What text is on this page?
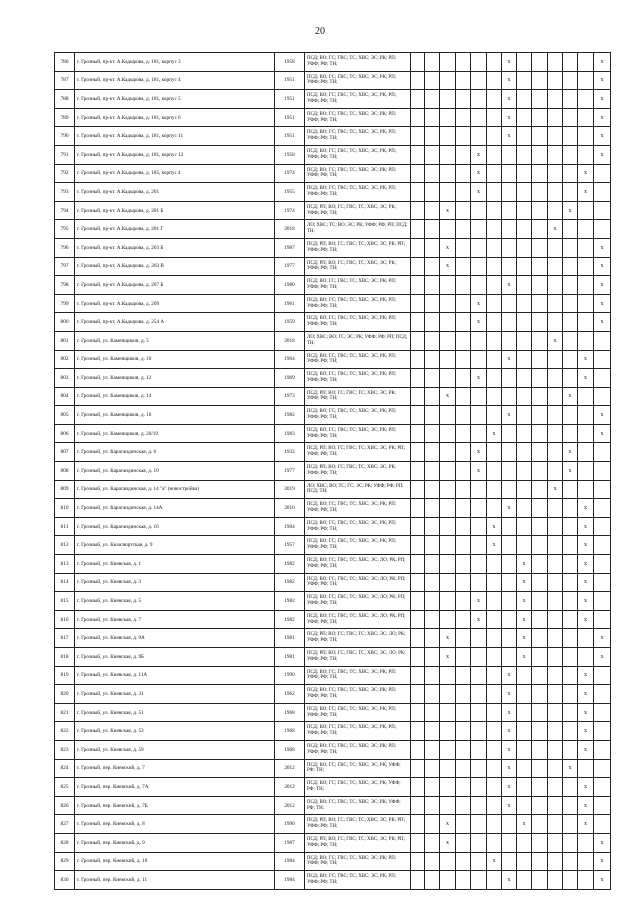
20
786	г. Грозный, пр-кт. А.Кадырова, д. 181, корпус 3	1958	ПСД; ВО; ГС; ГВС; ТС; ХВС; ЭС; РК; РП; УФФ; РФ; ТН;							x						x
787	г. Грозный, пр-кт. А.Кадырова, д. 181, корпус 4	1951	ПСД; ВО; ГС; ГВС; ТС; ХВС; ЭС; РК; РП; УФФ; РФ; ТН;							x						x
788	г. Грозный, пр-кт. А.Кадырова, д. 181, корпус 5	1951	ПСД; ВО; ГС; ГВС; ТС; ХВС; ЭС; РК; РП; УФФ; РФ; ТН;							x						x
789	г. Грозный, пр-кт. А.Кадырова, д. 181, корпус 6	1951	ПСД; ВО; ГС; ГВС; ТС; ХВС; ЭС; РК; РП; УФФ; РФ; ТН;							x						x
790	г. Грозный, пр-кт. А.Кадырова, д. 181, корпус 11	1951	ПСД; ВО; ГС; ГВС; ТС; ХВС; ЭС; РК; РП; УФФ; РФ; ТН;							x						x
791	г. Грозный, пр-кт. А.Кадырова, д. 181, корпус 12	1958	ПСД; ВО; ГС; ГВС; ТС; ХВС; ЭС; РК; РП; УФФ; РФ; ТН;					x								x
792	г. Грозный, пр-кт. А.Кадырова, д. 185, корпус 4	1974	ПСД; ВО; ГС; ГВС; ТС; ХВС; ЭС; РК; РП; УФФ; РФ; ТН;					x							x	
793	г. Грозный, пр-кт. А.Кадырова, д. 201	1955	ПСД; ВО; ГС; ГВС; ТС; ХВС; ЭС; РК; РП; УФФ; РФ; ТН;					x							x	
794	г. Грозный, пр-кт. А.Кадырова, д. 201 Б	1974	ПСД; РП; ВО; ГС; ГВС; ТС; ХВС; ЭС; РК; УФФ; РФ; ТН;			x								x		
795	г. Грозный, пр-кт. А.Кадырова, д. 201 Г	2018	ЛО; ХВС; ТС; ВО; ЭС; РК; УФФ; РФ; РП; ПСД; ТН;										x			
796	г. Грозный, пр-кт. А.Кадырова, д. 203 Б	1987	ПСД; РП; ВО; ГС; ГВС; ТС; ХВС; ЭС; РК; РП; УФФ; РФ; ТН;			x										x
797	г. Грозный, пр-кт. А.Кадырова, д. 203 В	1977	ПСД; РП; ВО; ГС; ГВС; ТС; ХВС; ЭС; РК; УФФ; РФ; ТН;			x										x
798	г. Грозный, пр-кт. А.Кадырова, д. 207 Б	1980	ПСД; ВО; ГС; ГВС; ТС; ХВС; ЭС; РК; РП; УФФ; РФ; ТН;							x						x
799	г. Грозный, пр-кт. А.Кадырова, д. 209	1961	ПСД; ВО; ГС; ГВС; ТС; ХВС; ЭС; РК; РП; УФФ; РФ; ТН;					x								x
800	г. Грозный, пр-кт. А.Кадырова, д. 254 А	1959	ПСД; ВО; ГС; ГВС; ТС; ХВС; ЭС; РК; РП; УФФ; РФ; ТН;					x								x
801	г. Грозный, ул. Каменщиков, д. 5	2018	ЛО; ХВС; ВО; ГС; ЭС; РК; УФФ; РФ; РП; ПСД; ТН;										x			
802	г. Грозный, ул. Каменщиков, д. 10	1964	ПСД; ВО; ГС; ГВС; ТС; ХВС; ЭС; РК; РП; УФФ; РФ; ТН;							x					x	
803	г. Грозный, ул. Каменщиков, д. 12	1969	ПСД; ВО; ГС; ГВС; ТС; ХВС; ЭС; РК; РП; УФФ; РФ; ТН;					x							x	
804	г. Грозный, ул. Каменщиков, д. 14	1973	ПСД; РП; ВО; ГС; ГВС; ТС; ХВС; ЭС; РК; УФФ; РФ; ТН;			x								x		
805	г. Грозный, ул. Каменщиков, д. 16	1982	ПСД; ВО; ГС; ГВС; ТС; ХВС; ЭС; РК; РП; УФФ; РФ; ТН;							x						x
806	г. Грозный, ул. Каменщиков, д. 20/19	1983	ПСД; ВО; ГС; ГВС; ТС; ХВС; ЭС; РК; РП; УФФ; РФ; ТН;						x							x
807	г. Грозный, ул. Карагандинская, д. 6	1932	ПСД; РП; ВО; ГС; ГВС; ТС; ХВС; ЭС; РК; РП; УФФ; РФ; ТН;					x						x		
808	г. Грозный, ул. Карагандинская, д. 10	1977	ПСД; РП; ВО; ГС; ГВС; ТС; ХВС; ЭС; РК; УФФ; РФ; ТН;					x						x		
809	г. Грозный, ул. Карагандинская, д. 14 "а" (новостройка)	2019	ЛО; ХВС; ВО; ТС; ГС; ЭС; РК; УФФ; РФ; РП; ПСД; ТН;										x			
810	г. Грозный, ул. Карагандинская, д. 14А	2010	ПСД; ВО; ГС; ГВС; ТС; ХВС; ЭС; РК; РП; УФФ; РФ; ТН;							x					x	
811	г. Грозный, ул. Карагандинская, д. 16	1984	ПСД; ВО; ГС; ГВС; ТС; ХВС; ЭС; РК; РП; УФФ; РФ; ТН;						x						x	
812	г. Грозный, ул. Кизилюртская, д. 9	1957	ПСД; ВО; ГС; ГВС; ТС; ХВС; ЭС; РК; РП; УФФ; РФ; ТН;						x						x	
813	г. Грозный, ул. Киевская, д. 1	1982	ПСД; ВО; ГС; ГВС; ТС; ХВС; ЭС; ЛО; РК; РП; УФФ; РФ; ТН;								x				x	
814	г. Грозный, ул. Киевская, д. 3	1982	ПСД; ВО; ГС; ГВС; ТС; ХВС; ЭС; ЛО; РК; РП; УФФ; РФ; ТН;								x				x	
815	г. Грозный, ул. Киевская, д. 5	1982	ПСД; ВО; ГС; ГВС; ТС; ХВС; ЭС; ЛО; РК; РП; УФФ; РФ; ТН;					x			x				x	
816	г. Грозный, ул. Киевская, д. 7	1982	ПСД; ВО; ГС; ГВС; ТС; ХВС; ЭС; ЛО; РК; РП; УФФ; РФ; ТН;					x			x				x	
817	г. Грозный, ул. Киевская, д. 9А	1981	ПСД; РП; ВО; ГС; ГВС; ТС; ХВС; ЭС; ЛО; РК; УФФ; РФ; ТН;			x					x					x
818	г. Грозный, ул. Киевская, д. 9Б	1981	ПСД; РП; ВО; ГС; ГВС; ТС; ХВС; ЭС; ЛО; РК; УФФ; РФ; ТН;			x					x					x
819	г. Грозный, ул. Киевская, д. 11А	1990	ПСД; ВО; ГС; ГВС; ТС; ХВС; ЭС; РК; РП; УФФ; РФ; ТН;							x					x	
820	г. Грозный, ул. Киевская, д. 31	1962	ПСД; ВО; ГС; ГВС; ТС; ХВС; ЭС; РК; РП; УФФ; РФ; ТН;							x					x	
821	г. Грозный, ул. Киевская, д. 51	1968	ПСД; ВО; ГС; ГВС; ТС; ХВС; ЭС; РК; РП; УФФ; РФ; ТН;							x					x	
822	г. Грозный, ул. Киевская, д. 53	1968	ПСД; ВО; ГС; ГВС; ТС; ХВС; ЭС; РК; РП; УФФ; РФ; ТН;							x					x	
823	г. Грозный, ул. Киевская, д. 59	1968	ПСД; ВО; ГС; ГВС; ТС; ХВС; ЭС; РК; РП; УФФ; РФ; ТН;							x					x	
824	г. Грозный, пер. Киевский, д. 7	2012	ПСД; ВО; ГС; ГВС; ТС; ХВС; ЭС; РК; УФФ; РФ; ТН;							x				x		
825	г. Грозный, пер. Киевский, д. 7А	2012	ПСД; ВО; ГС; ГВС; ТС; ХВС; ЭС; РК; УФФ; РФ; ТН;							x					x	
826	г. Грозный, пер. Киевский, д. 7Б	2012	ПСД; ВО; ГС; ГВС; ТС; ХВС; ЭС; РК; УФФ; РФ; ТН;							x					x	
827	г. Грозный, пер. Киевский, д. 8	1990	ПСД; РП; ВО; ГС; ГВС; ТС; ХВС; ЭС; РК; РП; УФФ; РФ; ТН;			x					x				x	
828	г. Грозный, пер. Киевский, д. 9	1987	ПСД; РП; ВО; ГС; ГВС; ТС; ХВС; ЭС; РК; РП; УФФ; РФ; ТН;			x										x
829	г. Грозный, пер. Киевский, д. 10	1984	ПСД; ВО; ГС; ГВС; ТС; ХВС; ЭС; РК; РП; УФФ; РФ; ТН;						x							x
830	г. Грозный, пер. Киевский, д. 11	1984	ПСД; ВО; ГС; ГВС; ТС; ХВС; ЭС; РК; РП; УФФ; РФ; ТН;							x						x
